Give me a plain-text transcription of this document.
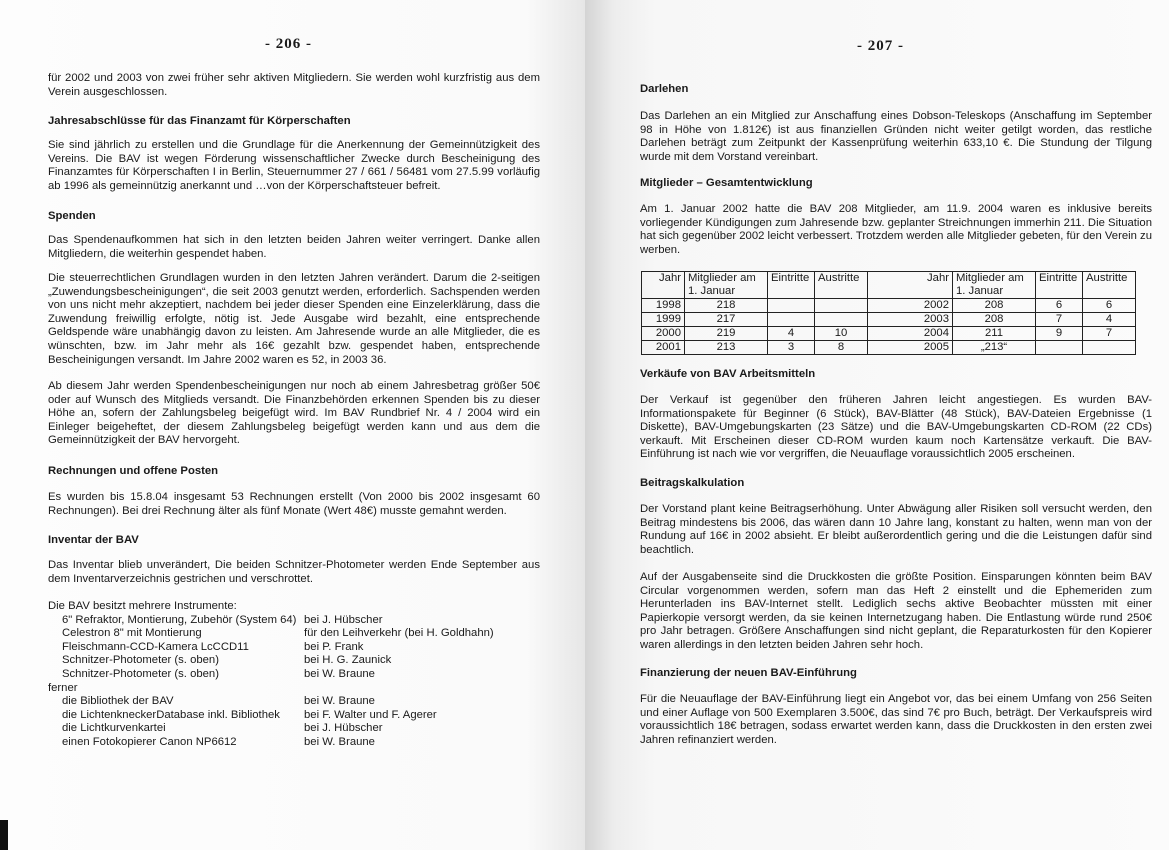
- 206 -

für 2002 und 2003 von zwei früher sehr aktiven Mitgliedern. Sie werden wohl kurzfristig aus dem Verein ausgeschlossen.

Jahresabschlüsse für das Finanzamt für Körperschaften

Sie sind jährlich zu erstellen und die Grundlage für die Anerkennung der Gemeinnützigkeit des Vereins. Die BAV ist wegen Förderung wissenschaftlicher Zwecke durch Bescheinigung des Finanzamtes für Körperschaften I in Berlin, Steuernummer 27 / 661 / 56481 vom 27.5.99 vorläufig ab 1996 als gemeinnützig anerkannt und …von der Körperschaftsteuer befreit.

Spenden

Das Spendenaufkommen hat sich in den letzten beiden Jahren weiter verringert. Danke allen Mitgliedern, die weiterhin gespendet haben.

Die steuerrechtlichen Grundlagen wurden in den letzten Jahren verändert. Darum die 2-seitigen „Zuwendungsbescheinigungen“, die seit 2003 genutzt werden, erforderlich. Sachspenden werden von uns nicht mehr akzeptiert, nachdem bei jeder dieser Spenden eine Einzelerklärung, dass die Zuwendung freiwillig erfolgte, nötig ist. Jede Ausgabe wird bezahlt, eine entsprechende Geldspende wäre unabhängig davon zu leisten. Am Jahresende wurde an alle Mitglieder, die es wünschten, bzw. im Jahr mehr als 16€ gezahlt bzw. gespendet haben, entsprechende Bescheinigungen versandt. Im Jahre 2002 waren es 52, in 2003 36.

Ab diesem Jahr werden Spendenbescheinigungen nur noch ab einem Jahresbetrag größer 50€ oder auf Wunsch des Mitglieds versandt. Die Finanzbehörden erkennen Spenden bis zu dieser Höhe an, sofern der Zahlungsbeleg beigefügt wird. Im BAV Rundbrief Nr. 4 / 2004 wird ein Einleger beigeheftet, der diesem Zahlungsbeleg beigefügt werden kann und aus dem die Gemeinnützigkeit der BAV hervorgeht.

Rechnungen und offene Posten

Es wurden bis 15.8.04 insgesamt 53 Rechnungen erstellt (Von 2000 bis 2002 insgesamt 60 Rechnungen). Bei drei Rechnung älter als fünf Monate (Wert 48€) musste gemahnt werden.

Inventar der BAV

Das Inventar blieb unverändert, Die beiden Schnitzer-Photometer werden Ende September aus dem Inventarverzeichnis gestrichen und verschrottet.

Die BAV besitzt mehrere Instrumente:
6" Refraktor, Montierung, Zubehör (System 64) bei J. Hübscher
Celestron 8" mit Montierung	für den Leihverkehr (bei H. Goldhahn)
Fleischmann-CCD-Kamera LcCCD11	bei P. Frank
Schnitzer-Photometer (s. oben)	bei H. G. Zaunick
Schnitzer-Photometer (s. oben)	bei W. Braune
ferner
die Bibliothek der BAV	bei W. Braune
die LichtenkneckerDatabase inkl. Bibliothek	bei F. Walter und F. Agerer
die Lichtkurvenkartei	bei J. Hübscher
einen Fotokopierer Canon NP6612	bei W. Braune
- 207 -

Darlehen

Das Darlehen an ein Mitglied zur Anschaffung eines Dobson-Teleskops (Anschaffung im September 98 in Höhe von 1.812€) ist aus finanziellen Gründen nicht weiter getilgt worden, das restliche Darlehen beträgt zum Zeitpunkt der Kassenprüfung weiterhin 633,10 €. Die Stundung der Tilgung wurde mit dem Vorstand vereinbart.

Mitglieder – Gesamtentwicklung

Am 1. Januar 2002 hatte die BAV 208 Mitglieder, am 11.9. 2004 waren es inklusive bereits vorliegender Kündigungen zum Jahresende bzw. geplanter Streichnungen immerhin 211. Die Situation hat sich gegenüber 2002 leicht verbessert. Trotzdem werden alle Mitglieder gebeten, für den Verein zu werben.

Jahr	Mitglieder am 1. Januar	Eintritte	Austritte	Jahr	Mitglieder am 1. Januar	Eintritte	Austritte
1998	218			2002	208	6	6
1999	217			2003	208	7	4
2000	219	4	10	2004	211	9	7
2001	213	3	8	2005	„213“		

Verkäufe von BAV Arbeitsmitteln

Der Verkauf ist gegenüber den früheren Jahren leicht angestiegen. Es wurden BAV-Informationspakete für Beginner (6 Stück), BAV-Blätter (48 Stück), BAV-Dateien Ergebnisse (1 Diskette), BAV-Umgebungskarten (23 Sätze) und die BAV-Umgebungskarten CD-ROM (22 CDs) verkauft. Mit Erscheinen dieser CD-ROM wurden kaum noch Kartensätze verkauft. Die BAV-Einführung ist nach wie vor vergriffen, die Neuauflage voraussichtlich 2005 erscheinen.

Beitragskalkulation

Der Vorstand plant keine Beitragserhöhung. Unter Abwägung aller Risiken soll versucht werden, den Beitrag mindestens bis 2006, das wären dann 10 Jahre lang, konstant zu halten, wenn man von der Rundung auf 16€ in 2002 absieht. Er bleibt außerordentlich gering und die die Leistungen dafür sind beachtlich.

Auf der Ausgabenseite sind die Druckkosten die größte Position. Einsparungen könnten beim BAV Circular vorgenommen werden, sofern man das Heft 2 einstellt und die Ephemeriden zum Herunterladen ins BAV-Internet stellt. Lediglich sechs aktive Beobachter müssten mit einer Papierkopie versorgt werden, da sie keinen Internetzugang haben. Die Entlastung würde rund 250€ pro Jahr betragen. Größere Anschaffungen sind nicht geplant, die Reparaturkosten für den Kopierer waren allerdings in den letzten beiden Jahren sehr hoch.

Finanzierung der neuen BAV-Einführung

Für die Neuauflage der BAV-Einführung liegt ein Angebot vor, das bei einem Umfang von 256 Seiten und einer Auflage von 500 Exemplaren 3.500€, das sind 7€ pro Buch, beträgt. Der Verkaufspreis wird voraussichtlich 18€ betragen, sodass erwartet werden kann, dass die Druckkosten in den ersten zwei Jahren refinanziert werden.
